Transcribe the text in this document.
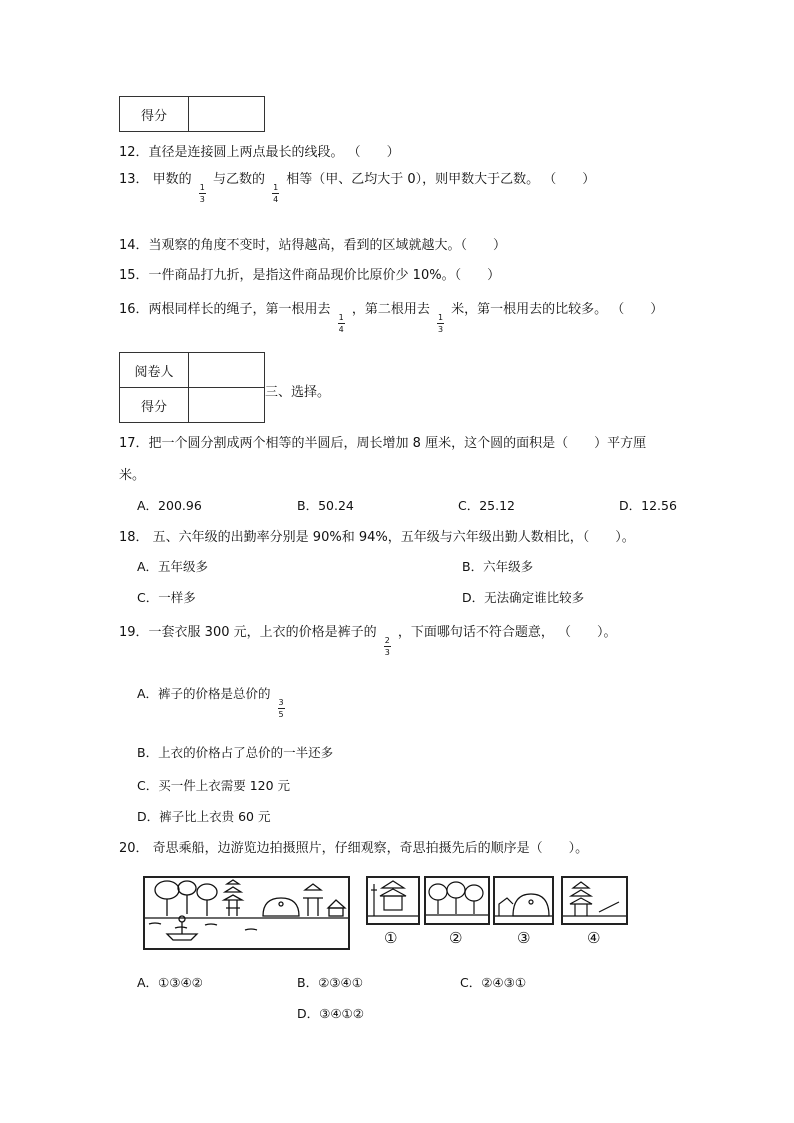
得分	
12．直径是连接圆上两点最长的线段。 （　　）
13． 甲数的
$\frac{1}{3}$
与乙数的
$\frac{1}{4}$
相等（甲、乙均大于 0），则甲数大于乙数。 （　　）
14．当观察的角度不变时，站得越高，看到的区域就越大。（　　）
15．一件商品打九折，是指这件商品现价比原价少 10%。（　　）
16．两根同样长的绳子，第一根用去
$\frac{1}{4}$
，第二根用去
$\frac{1}{3}$
米，第一根用去的比较多。 （　　）
阅卷人	
得分	
三、选择。
17．把一个圆分割成两个相等的半圆后，周长增加 8 厘米，这个圆的面积是（　　）平方厘
米。
A．200.96	B．50.24	C．25.12	D．12.56
18． 五、六年级的出勤率分别是 90%和 94%，五年级与六年级出勤人数相比，（　　）。
A．五年级多	B．六年级多
C．一样多	D．无法确定谁比较多
19．一套衣服 300 元，上衣的价格是裤子的
$\frac{2}{3}$
，下面哪句话不符合题意， （　　）。
A．裤子的价格是总价的
$\frac{3}{5}$
B．上衣的价格占了总价的一半还多
C．买一件上衣需要 120 元
D．裤子比上衣贵 60 元
20． 奇思乘船，边游览边拍摄照片，仔细观察，奇思拍摄先后的顺序是（　　）。
①	②	③	④
A．①③④②	B．②③④①	C．②④③①
D．③④①②
